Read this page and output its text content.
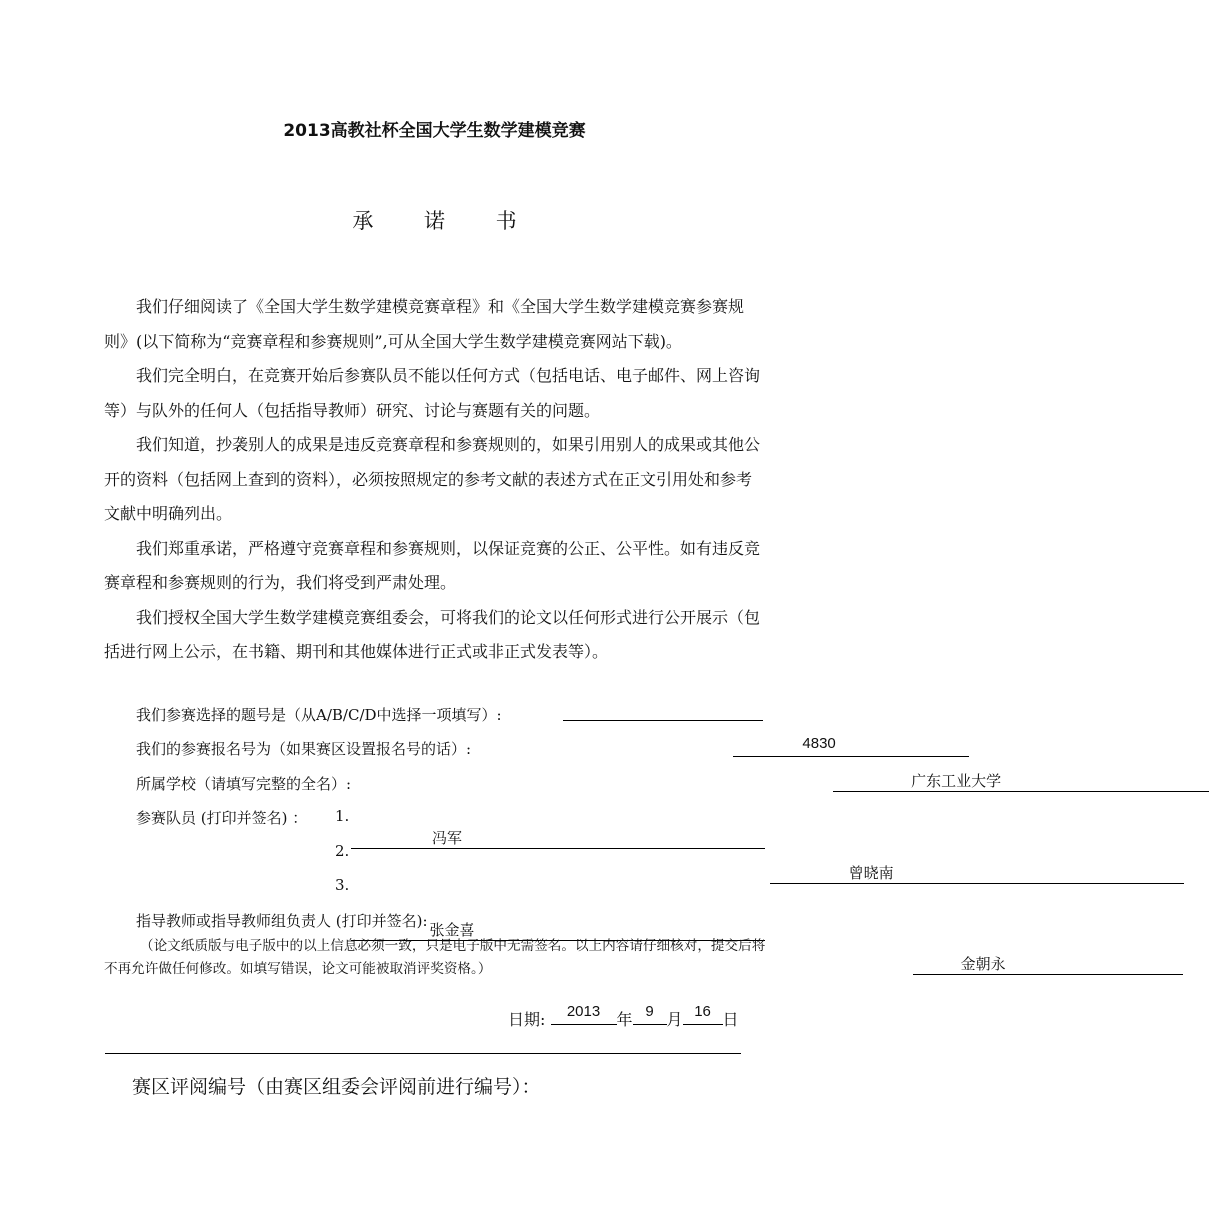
2013高教社杯全国大学生数学建模竞赛
承 诺 书

我们仔细阅读了《全国大学生数学建模竞赛章程》和《全国大学生数学建模竞赛参赛规则》(以下简称为“竞赛章程和参赛规则”,可从全国大学生数学建模竞赛网站下载)。

我们完全明白，在竞赛开始后参赛队员不能以任何方式（包括电话、电子邮件、网上咨询等）与队外的任何人（包括指导教师）研究、讨论与赛题有关的问题。

我们知道，抄袭别人的成果是违反竞赛章程和参赛规则的，如果引用别人的成果或其他公开的资料（包括网上查到的资料），必须按照规定的参考文献的表述方式在正文引用处和参考文献中明确列出。

我们郑重承诺，严格遵守竞赛章程和参赛规则，以保证竞赛的公正、公平性。如有违反竞赛章程和参赛规则的行为，我们将受到严肃处理。

我们授权全国大学生数学建模竞赛组委会，可将我们的论文以任何形式进行公开展示（包括进行网上公示，在书籍、期刊和其他媒体进行正式或非正式发表等）。

我们参赛选择的题号是（从A/B/C/D中选择一项填写）:

我们的参赛报名号为（如果赛区设置报名号的话）:	4830

所属学校（请填写完整的全名）:	广东工业大学

参赛队员 (打印并签名) ： 1.
冯军

2.
曾晓南

3.
张金喜

指导教师或指导教师组负责人 (打印并签名):
金朝永
（论文纸质版与电子版中的以上信息必须一致，只是电子版中无需签名。以上内容请仔细核对，提交后将不再允许做任何修改。如填写错误，论文可能被取消评奖资格。）
日期:	2013	年 9 月 16 日
赛区评阅编号（由赛区组委会评阅前进行编号）：
